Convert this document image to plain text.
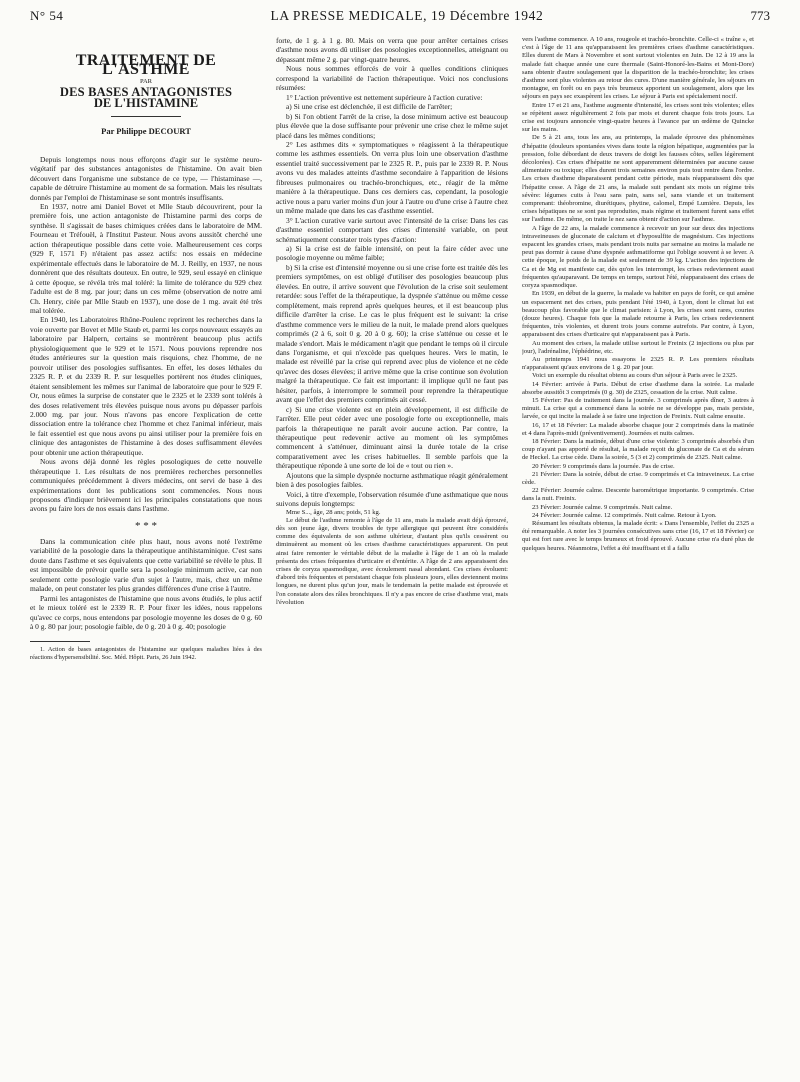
N° 54	LA PRESSE MEDICALE, 19 Décembre 1942	773
TRAITEMENT DE L'ASTHME
PAR
DES BASES ANTAGONISTES
DE L'HISTAMINE
Par Philippe DECOURT

Depuis longtemps nous nous efforçons d'agir sur le système neuro-végétatif par des substances antagonistes de l'histamine. On avait bien découvert dans l'organisme une substance de ce type, — l'histaminase —, capable de détruire l'histamine au moment de sa formation. Mais les résultats donnés par l'emploi de l'histaminase se sont montrés insuffisants.

En 1937, notre ami Daniel Bovet et Mlle Staub découvrirent, pour la première fois, une action antagoniste de l'histamine parmi des corps de synthèse. Il s'agissait de bases chimiques créées dans le laboratoire de MM. Fourneau et Tréfouël, à l'Institut Pasteur. Nous avons aussitôt cherché une action thérapeutique possible dans cette voie. Malheureusement ces corps (929 F, 1571 F) n'étaient pas assez actifs: nos essais en médecine expérimentale effectués dans le laboratoire de M. J. Reilly, en 1937, ne nous donnèrent que des résultats douteux. En outre, le 929, seul essayé en clinique à cette époque, se révéla très mal toléré: la limite de tolérance du 929 chez l'adulte est de 8 mg. par jour; dans un ces même (observation de notre ami Ch. Henry, citée par Mlle Staub en 1937), une dose de 1 mg. avait été très mal tolérée.

En 1940, les Laboratoires Rhône-Poulenc reprirent les recherches dans la voie ouverte par Bovet et Mlle Staub et, parmi les corps nouveaux essayés au laboratoire par Halpern, certains se montrèrent beaucoup plus actifs physiologiquement que le 929 et le 1571. Nous pouvions reprendre nos études antérieures sur la question mais risquions, chez l'homme, de ne pouvoir utiliser des posologies suffisantes. En effet, les doses léthales du 2325 R. P. et du 2339 R. P. sur lesquelles portèrent nos études cliniques, étaient sensiblement les mêmes sur l'animal de laboratoire que pour le 929 F. Or, nous eûmes la surprise de constater que le 2325 et le 2339 sont tolérés à des doses relativement très élevées puisque nous avons pu dépasser parfois 2.000 mg. par jour. Nous n'avons pas encore l'explication de cette dissociation entre la tolérance chez l'homme et chez l'animal inférieur, mais le fait essentiel est que nous avons pu ainsi utiliser pour la première fois en clinique des antagonistes de l'histamine à des doses suffisamment élevées pour obtenir une action thérapeutique.

Nous avons déjà donné les règles posologiques de cette nouvelle thérapeutique 1. Les résultats de nos premières recherches personnelles communiquées précédemment à divers médecins, ont servi de base à des expérimentations dont les publications sont commencées. Nous nous proposons d'indiquer brièvement ici les principales constatations que nous avons pu faire lors de nos essais dans l'asthme.

* * *

Dans la communication citée plus haut, nous avons noté l'extrême variabilité de la posologie dans la thérapeutique antihistaminique. C'est sans doute dans l'asthme et ses équivalents que cette variabilité se révèle le plus. Il est impossible de prévoir quelle sera la posologie minimum active, car non seulement cette posologie varie d'un sujet à l'autre, mais, chez un même malade, on peut constater les plus grandes différences d'une crise à l'autre.

Parmi les antagonistes de l'histamine que nous avons étudiés, le plus actif et le mieux toléré est le 2339 R. P. Pour fixer les idées, nous rappelons qu'avec ce corps, nous entendons par posologie moyenne les doses de 0 g. 60 à 0 g. 80 par jour; posologie faible, de 0 g. 20 à 0 g. 40; posologie

1. Action de bases antagonistes de l'histamine sur quelques maladies liées à des réactions d'hypersensibilité. Soc. Méd. Hôpit. Paris, 26 Juin 1942.

forte, de 1 g. à 1 g. 80. Mais on verra que pour arrêter certaines crises d'asthme nous avons dû utiliser des posologies exceptionnelles, atteignant ou dépassant même 2 g. par vingt-quatre heures.

Nous nous sommes efforcés de voir à quelles conditions cliniques correspond la variabilité de l'action thérapeutique. Voici nos conclusions résumées:

1° L'action préventive est nettement supérieure à l'action curative:

a) Si une crise est déclenchée, il est difficile de l'arrêter;

b) Si l'on obtient l'arrêt de la crise, la dose minimum active est beaucoup plus élevée que la dose suffisante pour prévenir une crise chez le même sujet placé dans les mêmes conditions;

2° Les asthmes dits « symptomatiques » réagissent à la thérapeutique comme les asthmes essentiels. On verra plus loin une observation d'asthme essentiel traité successivement par le 2325 R. P., puis par le 2339 R. P. Nous avons vu des malades atteints d'asthme secondaire à l'apparition de lésions fibreuses pulmonaires ou trachéo-bronchiques, etc., réagir de la même manière à la thérapeutique. Dans ces derniers cas, cependant, la posologie active nous a paru varier moins d'un jour à l'autre ou d'une crise à l'autre chez un même malade que dans les cas d'asthme essentiel.

3° L'action curative varie surtout avec l'intensité de la crise: Dans les cas d'asthme essentiel comportant des crises d'intensité variable, on peut schématiquement constater trois types d'action:

a) Si la crise est de faible intensité, on peut la faire céder avec une posologie moyenne ou même faible;

b) Si la crise est d'intensité moyenne ou si une crise forte est traitée dès les premiers symptômes, on est obligé d'utiliser des posologies beaucoup plus élevées. En outre, il arrive souvent que l'évolution de la crise soit seulement retardée: sous l'effet de la thérapeutique, la dyspnée s'atténue ou même cesse complètement, mais reprend après quelques heures, et il est beaucoup plus difficile d'arrêter la crise. Le cas le plus fréquent est le suivant: la crise d'asthme commence vers le milieu de la nuit, le malade prend alors quelques comprimés (2 à 6, soit 0 g. 20 à 0 g. 60); la crise s'atténue ou cesse et le malade s'endort. Mais le médicament n'agit que pendant le temps où il circule dans l'organisme, et qui n'excède pas quelques heures. Vers le matin, le malade est réveillé par la crise qui reprend avec plus de violence et ne cède qu'avec des doses élevées; il arrive même que la crise continue son évolution malgré la thérapeutique. Ce fait est important: il implique qu'il ne faut pas hésiter, parfois, à interrompre le sommeil pour reprendre la thérapeutique avant que l'effet des premiers comprimés ait cessé.

c) Si une crise violente est en plein développement, il est difficile de l'arrêter. Elle peut céder avec une posologie forte ou exceptionnelle, mais parfois la thérapeutique ne paraît avoir aucune action. Par contre, la thérapeutique peut redevenir active au moment où les symptômes commencent à s'atténuer, diminuant ainsi la durée totale de la crise comparativement avec les crises habituelles. Il semble parfois que la thérapeutique réponde à une sorte de loi de « tout ou rien ».

Ajoutons que la simple dyspnée nocturne asthmatique réagit généralement bien à des posologies faibles.

Voici, à titre d'exemple, l'observation résumée d'une asthmatique que nous suivons depuis longtemps:

Mme S..., âge, 28 ans; poids, 51 kg.

Le début de l'asthme remonte à l'âge de 11 ans, mais la malade avait déjà éprouvé, dès son jeune âge, divers troubles de type allergique qui peuvent être considérés comme des équivalents de son asthme ultérieur, d'autant plus qu'ils cessèrent ou diminuèrent au moment où les crises d'asthme caractéristiques apparurent. On peut ainsi faire remonter le véritable début de la maladie à l'âge de 1 an où la malade présenta des crises fréquentes d'urticaire et d'entérite. A l'âge de 2 ans apparaissent des crises de coryza spasmodique, avec écoulement nasal abondant. Ces crises évoluent: d'abord très fréquentes et persistant chaque fois plusieurs jours, elles deviennent moins longues, ne durent plus qu'un jour, mais le tendemain la petite malade est éprouvée et l'on constate alors des râles bronchiques. Il n'y a pas encore de crise d'asthme vrai, mais l'évolution

vers l'asthme commence. A 10 ans, rougeole et trachéo-bronchite. Celle-ci « traîne », et c'est à l'âge de 11 ans qu'apparaissent les premières crises d'asthme caractéristiques. Elles durent de Mars à Novembre et sont surtout violentes en Juin. De 12 à 19 ans la malade fait chaque année une cure thermale (Saint-Honoré-les-Bains et Mont-Dore) sans obtenir d'autre soulagement que la disparition de la trachéo-bronchite; les crises d'asthme sont plus violentes au retour des cures. D'une manière générale, les séjours en montagne, en forêt ou en pays très brumeux apportent un soulagement, alors que les séjours en pays sec exaspèrent les crises. Le séjour à Paris est spécialement nocif.

Entre 17 et 21 ans, l'asthme augmente d'intensité, les crises sont très violentes; elles se répètent assez régulièrement 2 fois par mois et durent chaque fois trois jours. La crise est toujours annoncée vingt-quatre heures à l'avance par un œdème de Quincke sur les mains.

De 5 à 21 ans, tous les ans, au printemps, la malade éprouve des phénomènes d'hépatite (douleurs spontanées vives dans toute la région hépatique, augmentées par la pression, folie débordant de deux travers de doigt les fausses côtes, selles légèrement décolorées). Ces crises d'hépatite ne sont apparemment déterminées par aucune cause alimentaire ou toxique; elles durent trois semaines environ puis tout rentre dans l'ordre. Les crises d'asthme disparaissent pendant cette période, mais réapparaissent dès que l'hépatite cesse. A l'âge de 21 ans, la malade suit pendant six mois un régime très sévère: légumes cuits à l'eau sans pain, sans sel, sans viande et un traitement comprenant: théobromine, diurétiques, phytine, calomel, Empé Lumière. Depuis, les crises hépatiques ne se sont pas reproduites, mais régime et traitement furent sans effet sur l'asthme. De même, on traite le nez sans obtenir d'action sur l'asthme.

A l'âge de 22 ans, la malade commence à recevoir un jour sur deux des injections intraveineuses de gluconate de calcium et d'hyposulfite de magnésium. Ces injections espacent les grandes crises, mais pendant trois nuits par semaine au moins la malade ne peut pas dormir à cause d'une dyspnée asthmatiforme qui l'oblige souvent à se lever. A cette époque, le poids de la malade est seulement de 39 kg. L'action des injections de Ca et de Mg est manifeste car, dès qu'on les interrompt, les crises redeviennent aussi fréquentes qu'auparavant. De temps en temps, surtout l'été, réapparaissent des crises de coryza spasmodique.

En 1939, en début de la guerre, la malade va habiter en pays de forêt, ce qui amène un espacement net des crises, puis pendant l'été 1940, à Lyon, dont le climat lui est beaucoup plus favorable que le climat parisien: à Lyon, les crises sont rares, courtes (douze heures). Chaque fois que la malade retourne à Paris, les crises redeviennent fréquentes, très violentes, et durent trois jours comme autrefois. Par contre, à Lyon, apparaissent des crises d'urticaire qui n'apparaissent pas à Paris.

Au moment des crises, la malade utilise surtout le Freinix (2 injections ou plus par jour), l'adrénaline, l'éphédrine, etc.

Au printemps 1941 nous essayons le 2325 R. P. Les premiers résultats n'apparaissent qu'aux environs de 1 g. 20 par jour.

Voici un exemple du résultat obtenu au cours d'un séjour à Paris avec le 2325.

14 Février: arrivée à Paris. Début de crise d'asthme dans la soirée. La malade absorbe aussitôt 3 comprimés (0 g. 30) de 2325, cessation de la crise. Nuit calme.

15 Février: Pas de traitement dans la journée. 3 comprimés après dîner, 3 autres à minuit. La crise qui a commencé dans la soirée ne se développe pas, mais persiste, larvée, ce qui incite la malade à se faire une injection de Freinix. Nuit calme ensuite.

16, 17 et 18 Février: La malade absorbe chaque jour 2 comprimés dans la matinée et 4 dans l'après-midi (préventivement). Journées et nuits calmes.

18 Février: Dans la matinée, début d'une crise violente: 3 comprimés absorbés d'un coup n'ayant pas apporté de résultat, la malade reçoit du gluconate de Ca et du sérum de Heckel. La crise cède. Dans la soirée, 5 (3 et 2) comprimés de 2325. Nuit calme.

20 Février: 9 comprimés dans la journée. Pas de crise.

21 Février: Dans la soirée, début de crise. 9 comprimés et Ca intraveineux. La crise cède.

22 Février: Journée calme. Descente barométrique importante. 9 comprimés. Crise dans la nuit. Freinix.

23 Février: Journée calme. 9 comprimés. Nuit calme.

24 Février: Journée calme. 12 comprimés. Nuit calme. Retour à Lyon.

Résumant les résultats obtenus, la malade écrit: « Dans l'ensemble, l'effet du 2325 a été remarquable. A noter les 3 journées consécutives sans crise (16, 17 et 18 Février) ce qui est fort rare avec le temps brumeux et froid éprouvé. Aucune crise n'a duré plus de quelques heures. Néanmoins, l'effet a été insuffisant et il a fallu
